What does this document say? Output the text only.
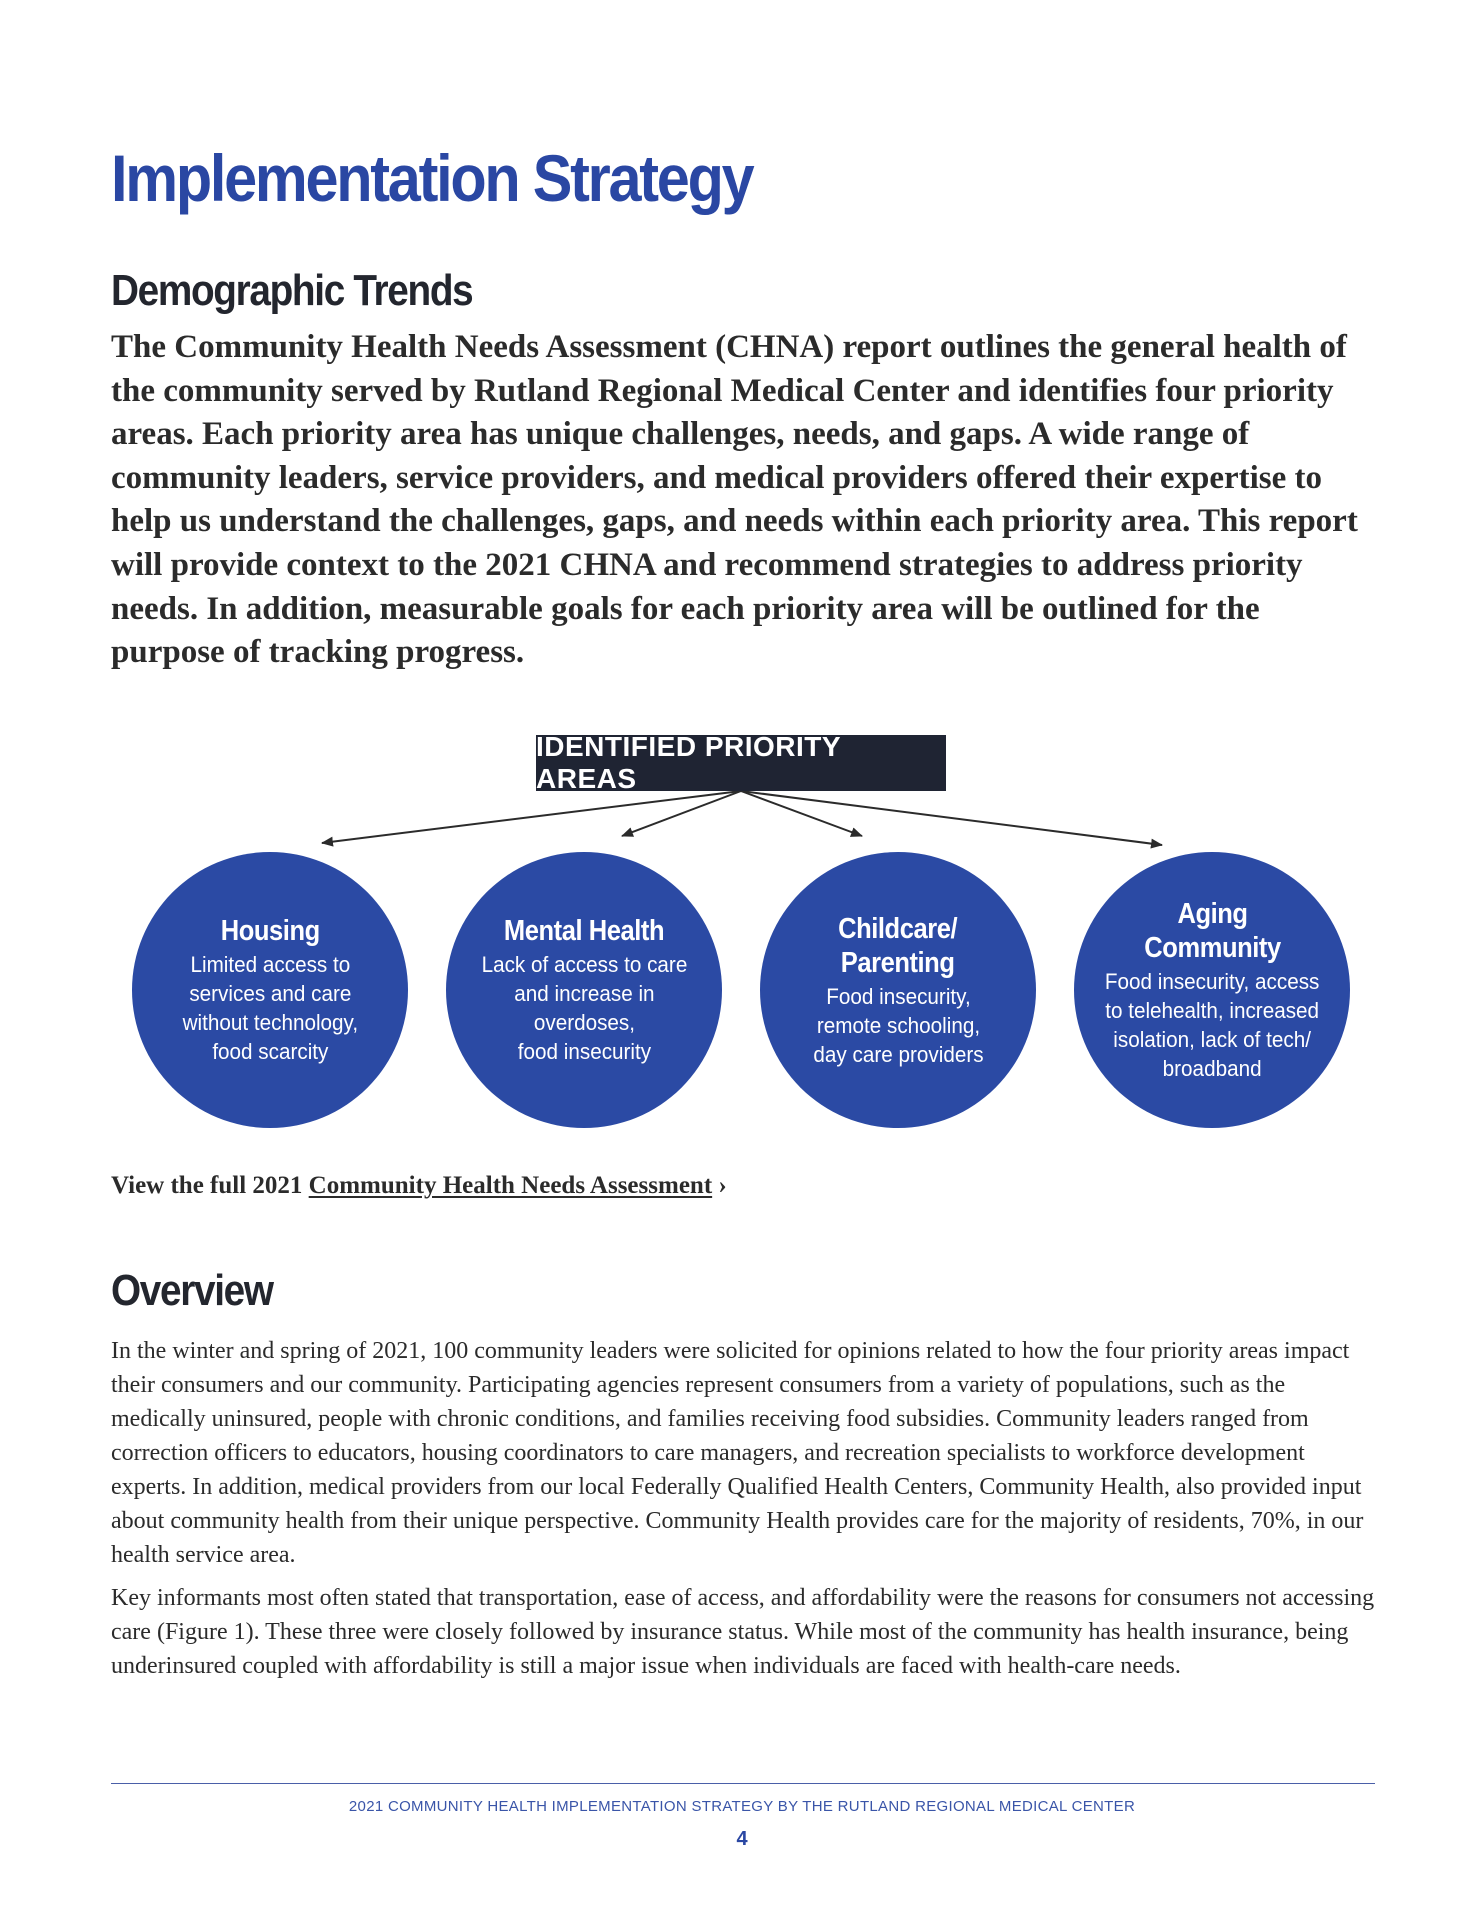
Implementation Strategy
Demographic Trends

The Community Health Needs Assessment (CHNA) report outlines the general health of the community served by Rutland Regional Medical Center and identifies four priority areas. Each priority area has unique challenges, needs, and gaps. A wide range of community leaders, service providers, and medical providers offered their expertise to help us understand the challenges, gaps, and needs within each priority area. This report will provide context to the 2021 CHNA and recommend strategies to address priority needs. In addition, measurable goals for each priority area will be outlined for the purpose of tracking progress.

IDENTIFIED PRIORITY AREAS
Housing
Limited access to
services and care
without technology,
food scarcity
Mental Health
Lack of access to care
and increase in
overdoses,
food insecurity
Childcare/
Parenting
Food insecurity,
remote schooling,
day care providers
Aging
Community
Food insecurity, access
to telehealth, increased
isolation, lack of tech/
broadband

View the full 2021 Community Health Needs Assessment ›

Overview

In the winter and spring of 2021, 100 community leaders were solicited for opinions related to how the four priority areas impact their consumers and our community. Participating agencies represent consumers from a variety of populations, such as the medically uninsured, people with chronic conditions, and families receiving food subsidies. Community leaders ranged from correction officers to educators, housing coordinators to care managers, and recreation specialists to workforce development experts. In addition, medical providers from our local Federally Qualified Health Centers, Community Health, also provided input about community health from their unique perspective. Community Health provides care for the majority of residents, 70%, in our health service area.

Key informants most often stated that transportation, ease of access, and affordability were the reasons for consumers not accessing care (Figure 1). These three were closely followed by insurance status. While most of the community has health insurance, being underinsured coupled with affordability is still a major issue when individuals are faced with health-care needs.

2021 COMMUNITY HEALTH IMPLEMENTATION STRATEGY BY THE RUTLAND REGIONAL MEDICAL CENTER
4
